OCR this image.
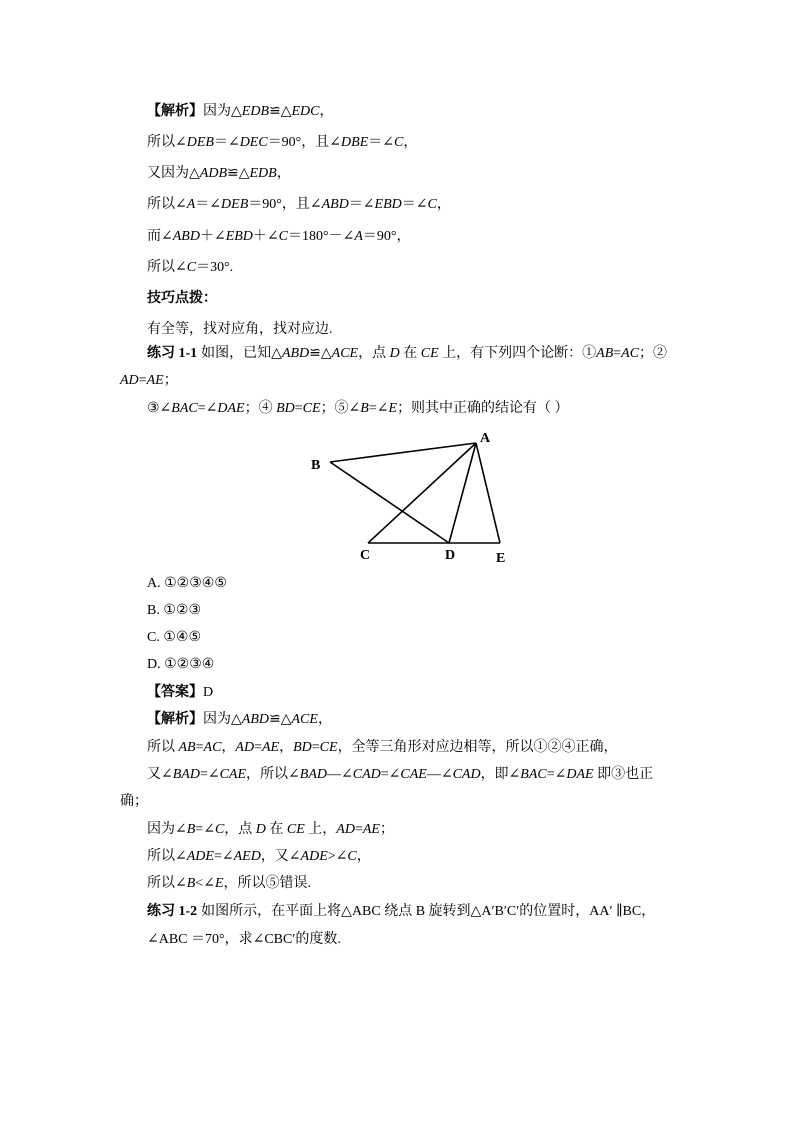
【解析】因为△EDB≌△EDC，
所以∠DEB＝∠DEC＝90°，且∠DBE＝∠C，
又因为△ADB≌△EDB，
所以∠A＝∠DEB＝90°，且∠ABD＝∠EBD＝∠C，
而∠ABD＋∠EBD＋∠C＝180°－∠A＝90°，
所以∠C＝30°.
技巧点拨：
有全等，找对应角，找对应边.
练习 1-1 如图，已知△ABD≌△ACE，点 D 在 CE 上，有下列四个论断：①AB=AC；②
AD=AE；
③∠BAC=∠DAE；④ BD=CE；⑤∠B=∠E；则其中正确的结论有（ ）
A
B
C	D	E
A. ①②③④⑤
B. ①②③
C. ①④⑤
D. ①②③④
【答案】D
【解析】因为△ABD≌△ACE，
所以 AB=AC，AD=AE，BD=CE，全等三角形对应边相等，所以①②④正确，
又∠BAD=∠CAE，所以∠BAD—∠CAD=∠CAE—∠CAD，即∠BAC=∠DAE 即③也正
确；
因为∠B=∠C，点 D 在 CE 上，AD=AE；
所以∠ADE=∠AED，又∠ADE>∠C，
所以∠B<∠E，所以⑤错误.
练习 1-2 如图所示，在平面上将△ABC 绕点 B 旋转到△A′B′C′的位置时，AA′ ∥BC，
∠ABC ＝70°，求∠CBC′的度数.
